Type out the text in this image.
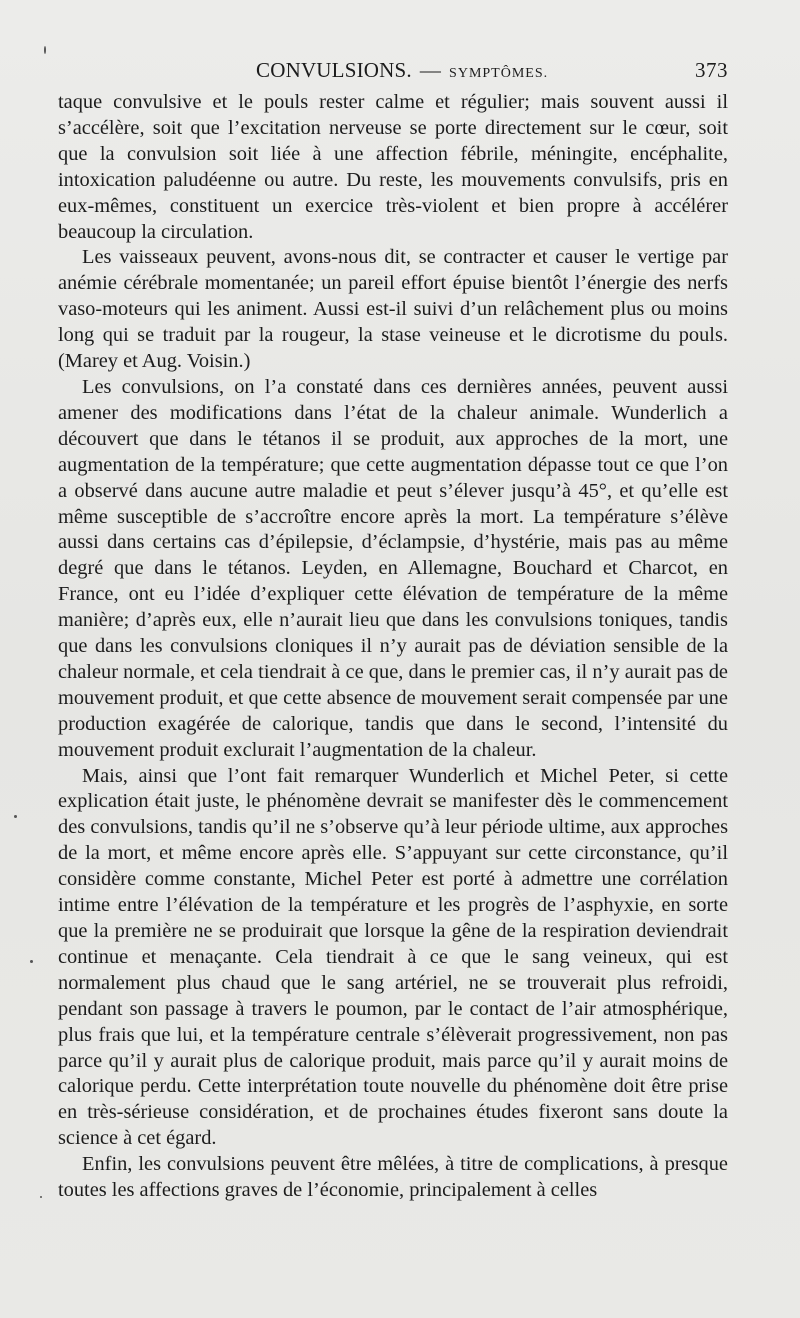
CONVULSIONS. — SYMPTÔMES.	373

taque convulsive et le pouls rester calme et régulier; mais souvent aussi il s’accélère, soit que l’excitation nerveuse se porte directement sur le cœur, soit que la convulsion soit liée à une affection fébrile, méningite, encéphalite, intoxication paludéenne ou autre. Du reste, les mouvements convulsifs, pris en eux-mêmes, constituent un exercice très-violent et bien propre à accélérer beaucoup la circulation.

Les vaisseaux peuvent, avons-nous dit, se contracter et causer le vertige par anémie cérébrale momentanée; un pareil effort épuise bientôt l’énergie des nerfs vaso-moteurs qui les animent. Aussi est-il suivi d’un relâchement plus ou moins long qui se traduit par la rougeur, la stase veineuse et le dicrotisme du pouls. (Marey et Aug. Voisin.)

Les convulsions, on l’a constaté dans ces dernières années, peuvent aussi amener des modifications dans l’état de la chaleur animale. Wunderlich a découvert que dans le tétanos il se produit, aux approches de la mort, une augmentation de la température; que cette augmentation dépasse tout ce que l’on a observé dans aucune autre maladie et peut s’élever jusqu’à 45°, et qu’elle est même susceptible de s’accroître encore après la mort. La température s’élève aussi dans certains cas d’épilepsie, d’éclampsie, d’hystérie, mais pas au même degré que dans le tétanos. Leyden, en Allemagne, Bouchard et Charcot, en France, ont eu l’idée d’expliquer cette élévation de température de la même manière; d’après eux, elle n’aurait lieu que dans les convulsions toniques, tandis que dans les convulsions cloniques il n’y aurait pas de déviation sensible de la chaleur normale, et cela tiendrait à ce que, dans le premier cas, il n’y aurait pas de mouvement produit, et que cette absence de mouvement serait compensée par une production exagérée de calorique, tandis que dans le second, l’intensité du mouvement produit exclurait l’augmentation de la chaleur.

Mais, ainsi que l’ont fait remarquer Wunderlich et Michel Peter, si cette explication était juste, le phénomène devrait se manifester dès le commencement des convulsions, tandis qu’il ne s’observe qu’à leur période ultime, aux approches de la mort, et même encore après elle. S’appuyant sur cette circonstance, qu’il considère comme constante, Michel Peter est porté à admettre une corrélation intime entre l’élévation de la température et les progrès de l’asphyxie, en sorte que la première ne se produirait que lorsque la gêne de la respiration deviendrait continue et menaçante. Cela tiendrait à ce que le sang veineux, qui est normalement plus chaud que le sang artériel, ne se trouverait plus refroidi, pendant son passage à travers le poumon, par le contact de l’air atmosphérique, plus frais que lui, et la température centrale s’élèverait progressivement, non pas parce qu’il y aurait plus de calorique produit, mais parce qu’il y aurait moins de calorique perdu. Cette interprétation toute nouvelle du phénomène doit être prise en très-sérieuse considération, et de prochaines études fixeront sans doute la science à cet égard.

Enfin, les convulsions peuvent être mêlées, à titre de complications, à presque toutes les affections graves de l’économie, principalement à celles
